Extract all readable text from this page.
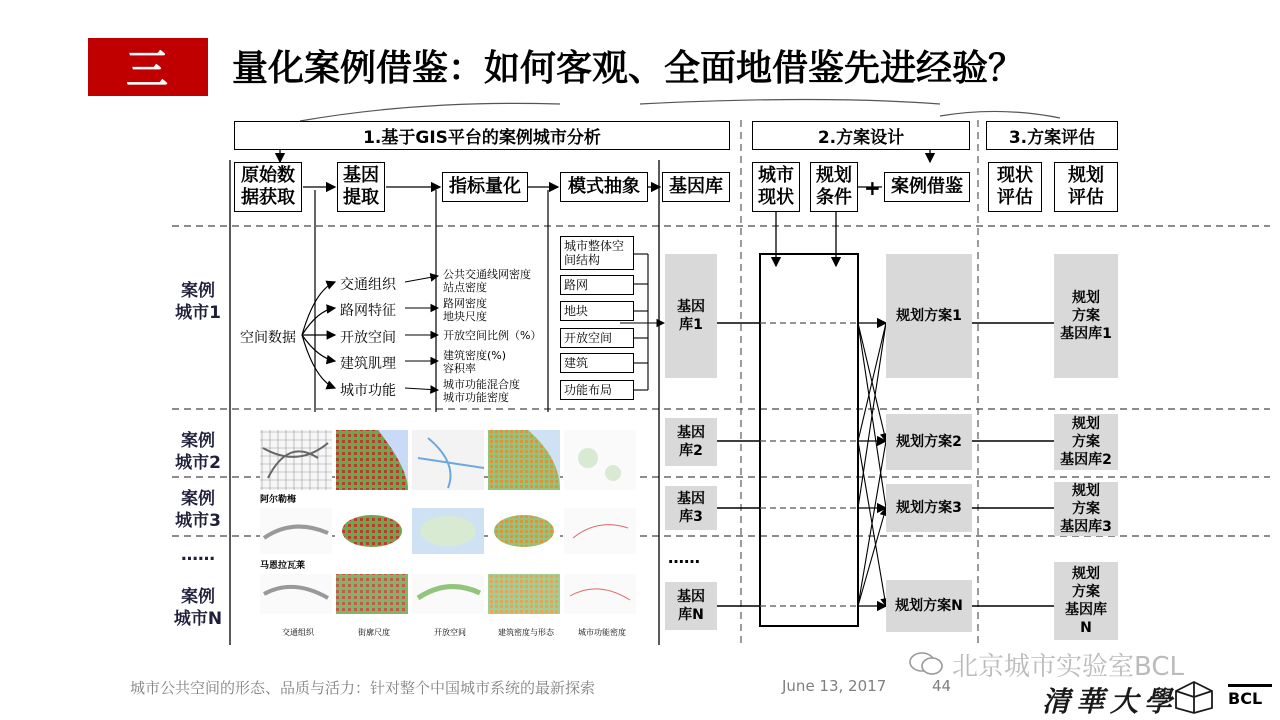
三	量化案例借鉴：如何客观、全面地借鉴先进经验？
1.基于GIS平台的案例城市分析	2.方案设计	3.方案评估
原始数
据获取
基因
提取
指标量化	模式抽象	基因库
城市
现状
规划
条件 + 案例借鉴
现状
评估
规划
评估
案例
城市1
案例
城市2
案例
城市3
……
案例
城市N
空间数据
交通组织
路网特征
开放空间
建筑肌理
城市功能
公共交通线网密度
站点密度
路网密度
地块尺度
开放空间比例（%）
建筑密度(%)
容积率
城市功能混合度
城市功能密度
城市整体空
间结构
路网
地块
开放空间
建筑
功能布局
基因
库1
基因
库2
基因
库3
……
基因
库N
规划方案1
规划方案2
规划方案3
规划方案N
规划
方案
基因库1
规划
方案
基因库2
规划
方案
基因库3
规划
方案
基因库
N
阿尔勒梅
马恩拉瓦莱
交通组织	街廓尺度	开放空间	建筑密度与形态	城市功能密度
城市公共空间的形态、品质与活力：针对整个中国城市系统的最新探索	June 13, 2017	44
北京城市实验室BCL
清華大學	BCL
